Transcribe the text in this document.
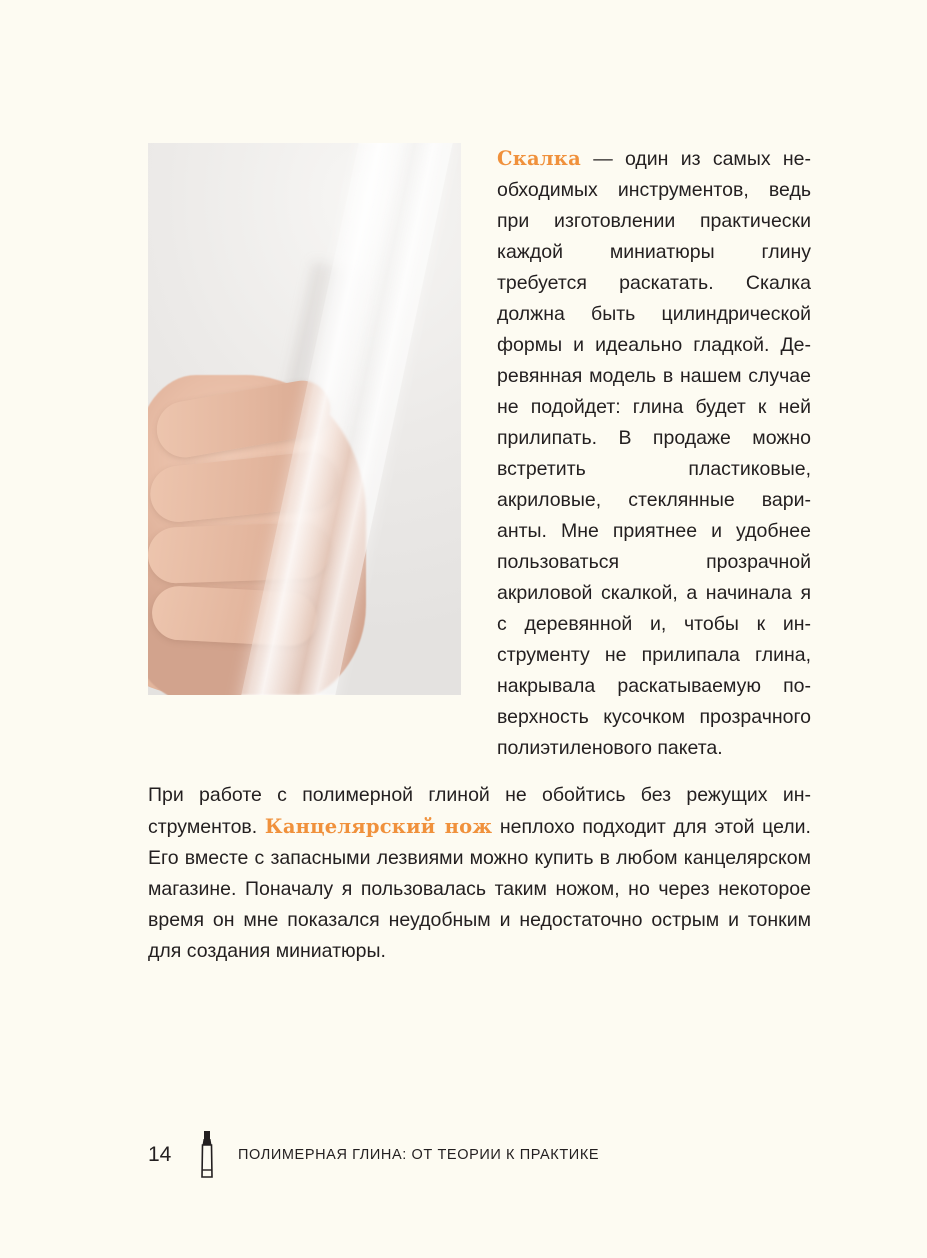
Скалка — один из самых необходимых инструментов, ведь при изготовлении практически каждой миниатюры глину требуется раскатать. Скалка должна быть цилиндрической формы и идеально гладкой. Деревянная модель в нашем случае не подойдет: глина будет к ней прилипать. В продаже можно встретить пластиковые, акриловые, стеклянные варианты. Мне приятнее и удобнее пользоваться прозрачной акриловой скалкой, а начинала я с деревянной и, чтобы к инструменту не прилипала глина, накрывала раскатываемую поверхность кусочком прозрачного полиэтиленового пакета.
При работе с полимерной глиной не обойтись без режущих инструментов. Канцелярский нож неплохо подходит для этой цели. Его вместе с запасными лезвиями можно купить в любом канцелярском магазине. Поначалу я пользовалась таким ножом, но через некоторое время он мне показался неудобным и недостаточно острым и тонким для создания миниатюры.
14	ПОЛИМЕРНАЯ ГЛИНА: ОТ ТЕОРИИ К ПРАКТИКЕ
